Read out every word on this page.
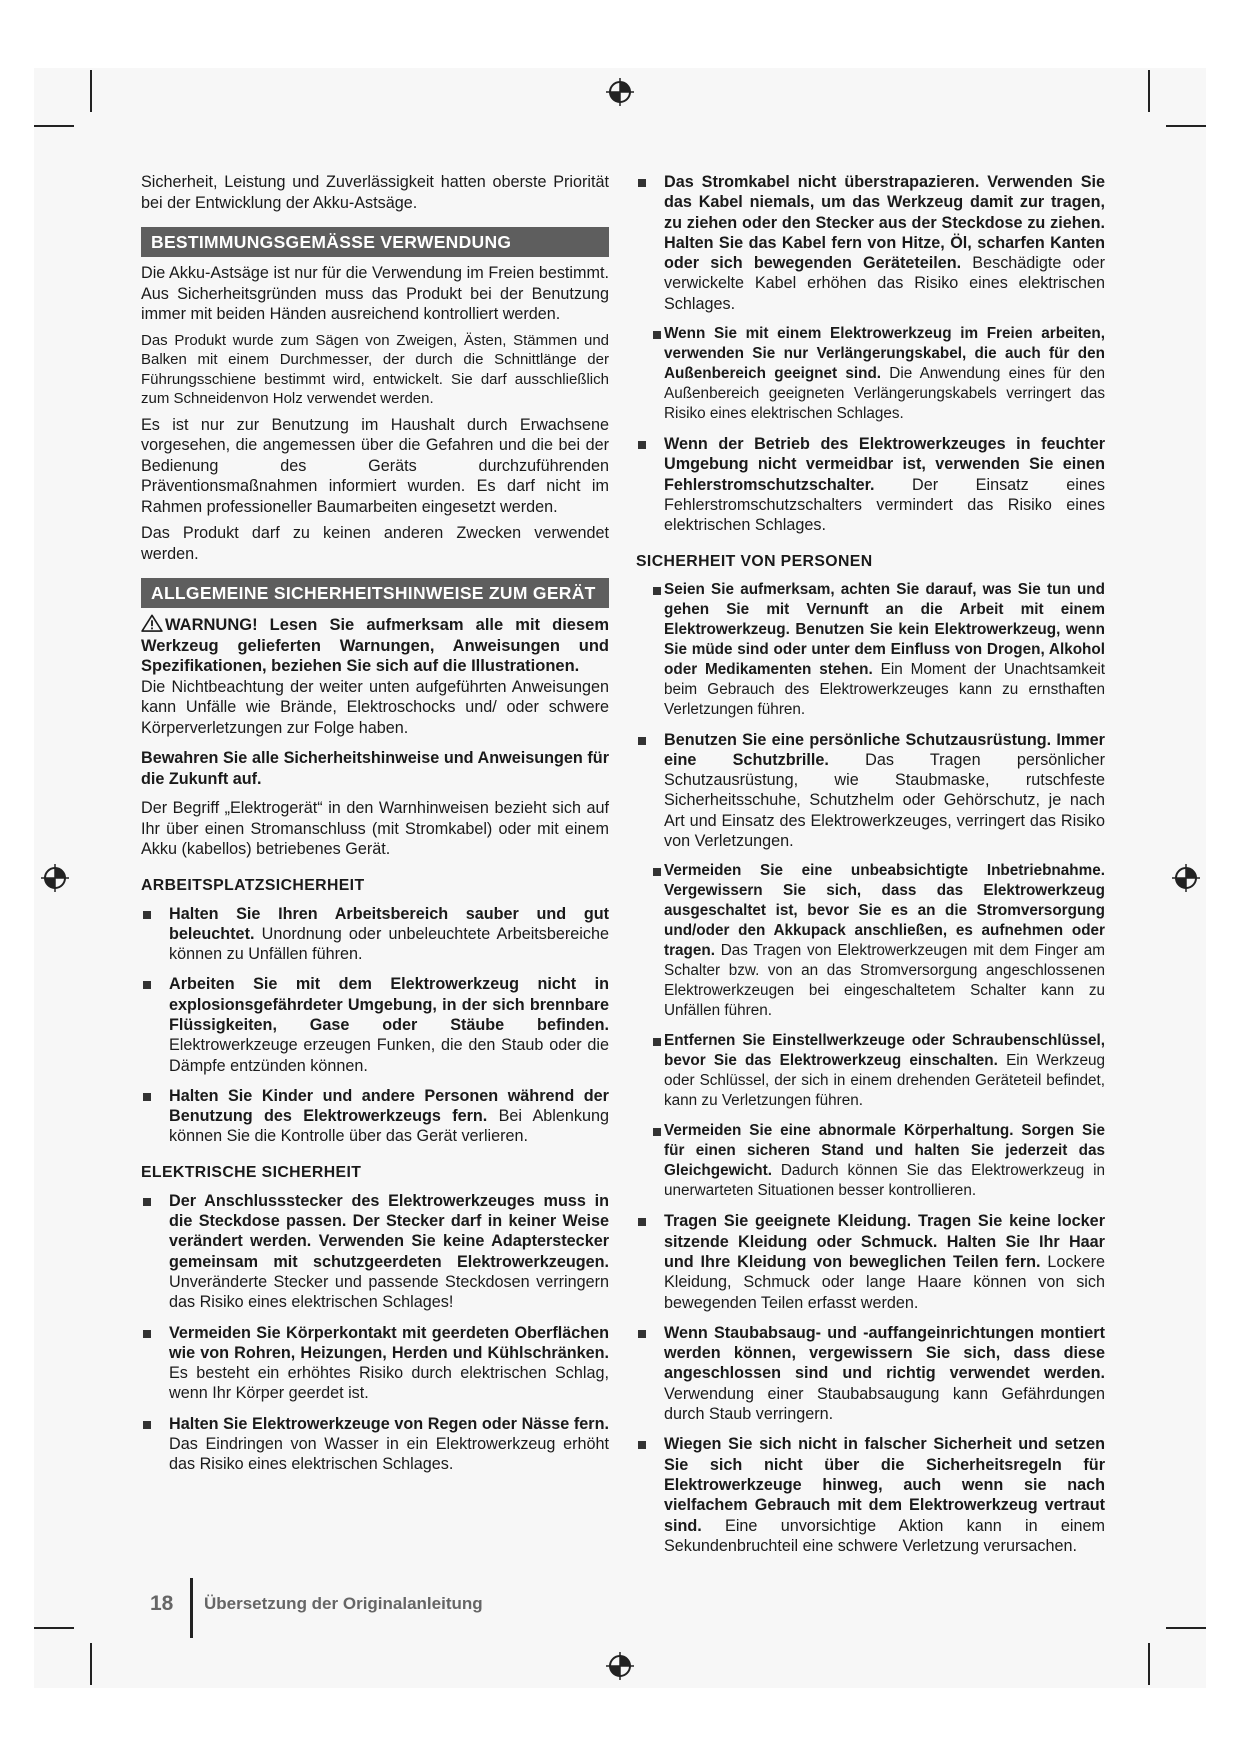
Sicherheit, Leistung und Zuverlässigkeit hatten oberste Priorität bei der Entwicklung der Akku-Astsäge.

BESTIMMUNGSGEMÄSSE VERWENDUNG

Die Akku-Astsäge ist nur für die Verwendung im Freien bestimmt. Aus Sicherheitsgründen muss das Produkt bei der Benutzung immer mit beiden Händen ausreichend kontrolliert werden.

Das Produkt wurde zum Sägen von Zweigen, Ästen, Stämmen und Balken mit einem Durchmesser, der durch die Schnittlänge der Führungsschiene bestimmt wird, entwickelt. Sie darf ausschließlich zum Schneidenvon Holz verwendet werden.

Es ist nur zur Benutzung im Haushalt durch Erwachsene vorgesehen, die angemessen über die Gefahren und die bei der Bedienung des Geräts durchzuführenden Präventionsmaßnahmen informiert wurden. Es darf nicht im Rahmen professioneller Baumarbeiten eingesetzt werden.

Das Produkt darf zu keinen anderen Zwecken verwendet werden.

ALLGEMEINE SICHERHEITSHINWEISE ZUM GERÄT
WARNUNG! Lesen Sie aufmerksam alle mit diesem Werkzeug gelieferten Warnungen, Anweisungen und Spezifikationen, beziehen Sie sich auf die Illustrationen.

Die Nichtbeachtung der weiter unten aufgeführten Anweisungen kann Unfälle wie Brände, Elektroschocks und/ oder schwere Körperverletzungen zur Folge haben.

Bewahren Sie alle Sicherheitshinweise und Anweisungen für die Zukunft auf.

Der Begriff „Elektrogerät“ in den Warnhinweisen bezieht sich auf Ihr über einen Stromanschluss (mit Stromkabel) oder mit einem Akku (kabellos) betriebenes Gerät.

ARBEITSPLATZSICHERHEIT
Halten Sie Ihren Arbeitsbereich sauber und gut beleuchtet. Unordnung oder unbeleuchtete Arbeitsbereiche können zu Unfällen führen.
Arbeiten Sie mit dem Elektrowerkzeug nicht in explosionsgefährdeter Umgebung, in der sich brennbare Flüssigkeiten, Gase oder Stäube befinden. Elektrowerkzeuge erzeugen Funken, die den Staub oder die Dämpfe entzünden können.
Halten Sie Kinder und andere Personen während der Benutzung des Elektrowerkzeugs fern. Bei Ablenkung können Sie die Kontrolle über das Gerät verlieren.
ELEKTRISCHE SICHERHEIT
Der Anschlussstecker des Elektrowerkzeuges muss in die Steckdose passen. Der Stecker darf in keiner Weise verändert werden. Verwenden Sie keine Adapterstecker gemeinsam mit schutzgeerdeten Elektrowerkzeugen. Unveränderte Stecker und passende Steckdosen verringern das Risiko eines elektrischen Schlages!
Vermeiden Sie Körperkontakt mit geerdeten Oberflächen wie von Rohren, Heizungen, Herden und Kühlschränken. Es besteht ein erhöhtes Risiko durch elektrischen Schlag, wenn Ihr Körper geerdet ist.
Halten Sie Elektrowerkzeuge von Regen oder Nässe fern. Das Eindringen von Wasser in ein Elektrowerkzeug erhöht das Risiko eines elektrischen Schlages.
Das Stromkabel nicht überstrapazieren. Verwenden Sie das Kabel niemals, um das Werkzeug damit zur tragen, zu ziehen oder den Stecker aus der Steckdose zu ziehen. Halten Sie das Kabel fern von Hitze, Öl, scharfen Kanten oder sich bewegenden Geräteteilen. Beschädigte oder verwickelte Kabel erhöhen das Risiko eines elektrischen Schlages.
Wenn Sie mit einem Elektrowerkzeug im Freien arbeiten, verwenden Sie nur Verlängerungskabel, die auch für den Außenbereich geeignet sind. Die Anwendung eines für den Außenbereich geeigneten Verlängerungskabels verringert das Risiko eines elektrischen Schlages.
Wenn der Betrieb des Elektrowerkzeuges in feuchter Umgebung nicht vermeidbar ist, verwenden Sie einen Fehlerstromschutzschalter. Der Einsatz eines Fehlerstromschutzschalters vermindert das Risiko eines elektrischen Schlages.
SICHERHEIT VON PERSONEN
Seien Sie aufmerksam, achten Sie darauf, was Sie tun und gehen Sie mit Vernunft an die Arbeit mit einem Elektrowerkzeug. Benutzen Sie kein Elektrowerkzeug, wenn Sie müde sind oder unter dem Einfluss von Drogen, Alkohol oder Medikamenten stehen. Ein Moment der Unachtsamkeit beim Gebrauch des Elektrowerkzeuges kann zu ernsthaften Verletzungen führen.
Benutzen Sie eine persönliche Schutzausrüstung. Immer eine Schutzbrille. Das Tragen persönlicher Schutzausrüstung, wie Staubmaske, rutschfeste Sicherheitsschuhe, Schutzhelm oder Gehörschutz, je nach Art und Einsatz des Elektrowerkzeuges, verringert das Risiko von Verletzungen.
Vermeiden Sie eine unbeabsichtigte Inbetriebnahme. Vergewissern Sie sich, dass das Elektrowerkzeug ausgeschaltet ist, bevor Sie es an die Stromversorgung und/oder den Akkupack anschließen, es aufnehmen oder tragen. Das Tragen von Elektrowerkzeugen mit dem Finger am Schalter bzw. von an das Stromversorgung angeschlossenen Elektrowerkzeugen bei eingeschaltetem Schalter kann zu Unfällen führen.
Entfernen Sie Einstellwerkzeuge oder Schraubenschlüssel, bevor Sie das Elektrowerkzeug einschalten. Ein Werkzeug oder Schlüssel, der sich in einem drehenden Geräteteil befindet, kann zu Verletzungen führen.
Vermeiden Sie eine abnormale Körperhaltung. Sorgen Sie für einen sicheren Stand und halten Sie jederzeit das Gleichgewicht. Dadurch können Sie das Elektrowerkzeug in unerwarteten Situationen besser kontrollieren.
Tragen Sie geeignete Kleidung. Tragen Sie keine locker sitzende Kleidung oder Schmuck. Halten Sie Ihr Haar und Ihre Kleidung von beweglichen Teilen fern. Lockere Kleidung, Schmuck oder lange Haare können von sich bewegenden Teilen erfasst werden.
Wenn Staubabsaug- und -auffangeinrichtungen montiert werden können, vergewissern Sie sich, dass diese angeschlossen sind und richtig verwendet werden. Verwendung einer Staubabsaugung kann Gefährdungen durch Staub verringern.
Wiegen Sie sich nicht in falscher Sicherheit und setzen Sie sich nicht über die Sicherheitsregeln für Elektrowerkzeuge hinweg, auch wenn sie nach vielfachem Gebrauch mit dem Elektrowerkzeug vertraut sind. Eine unvorsichtige Aktion kann in einem Sekundenbruchteil eine schwere Verletzung verursachen.
18 Übersetzung der Originalanleitung
